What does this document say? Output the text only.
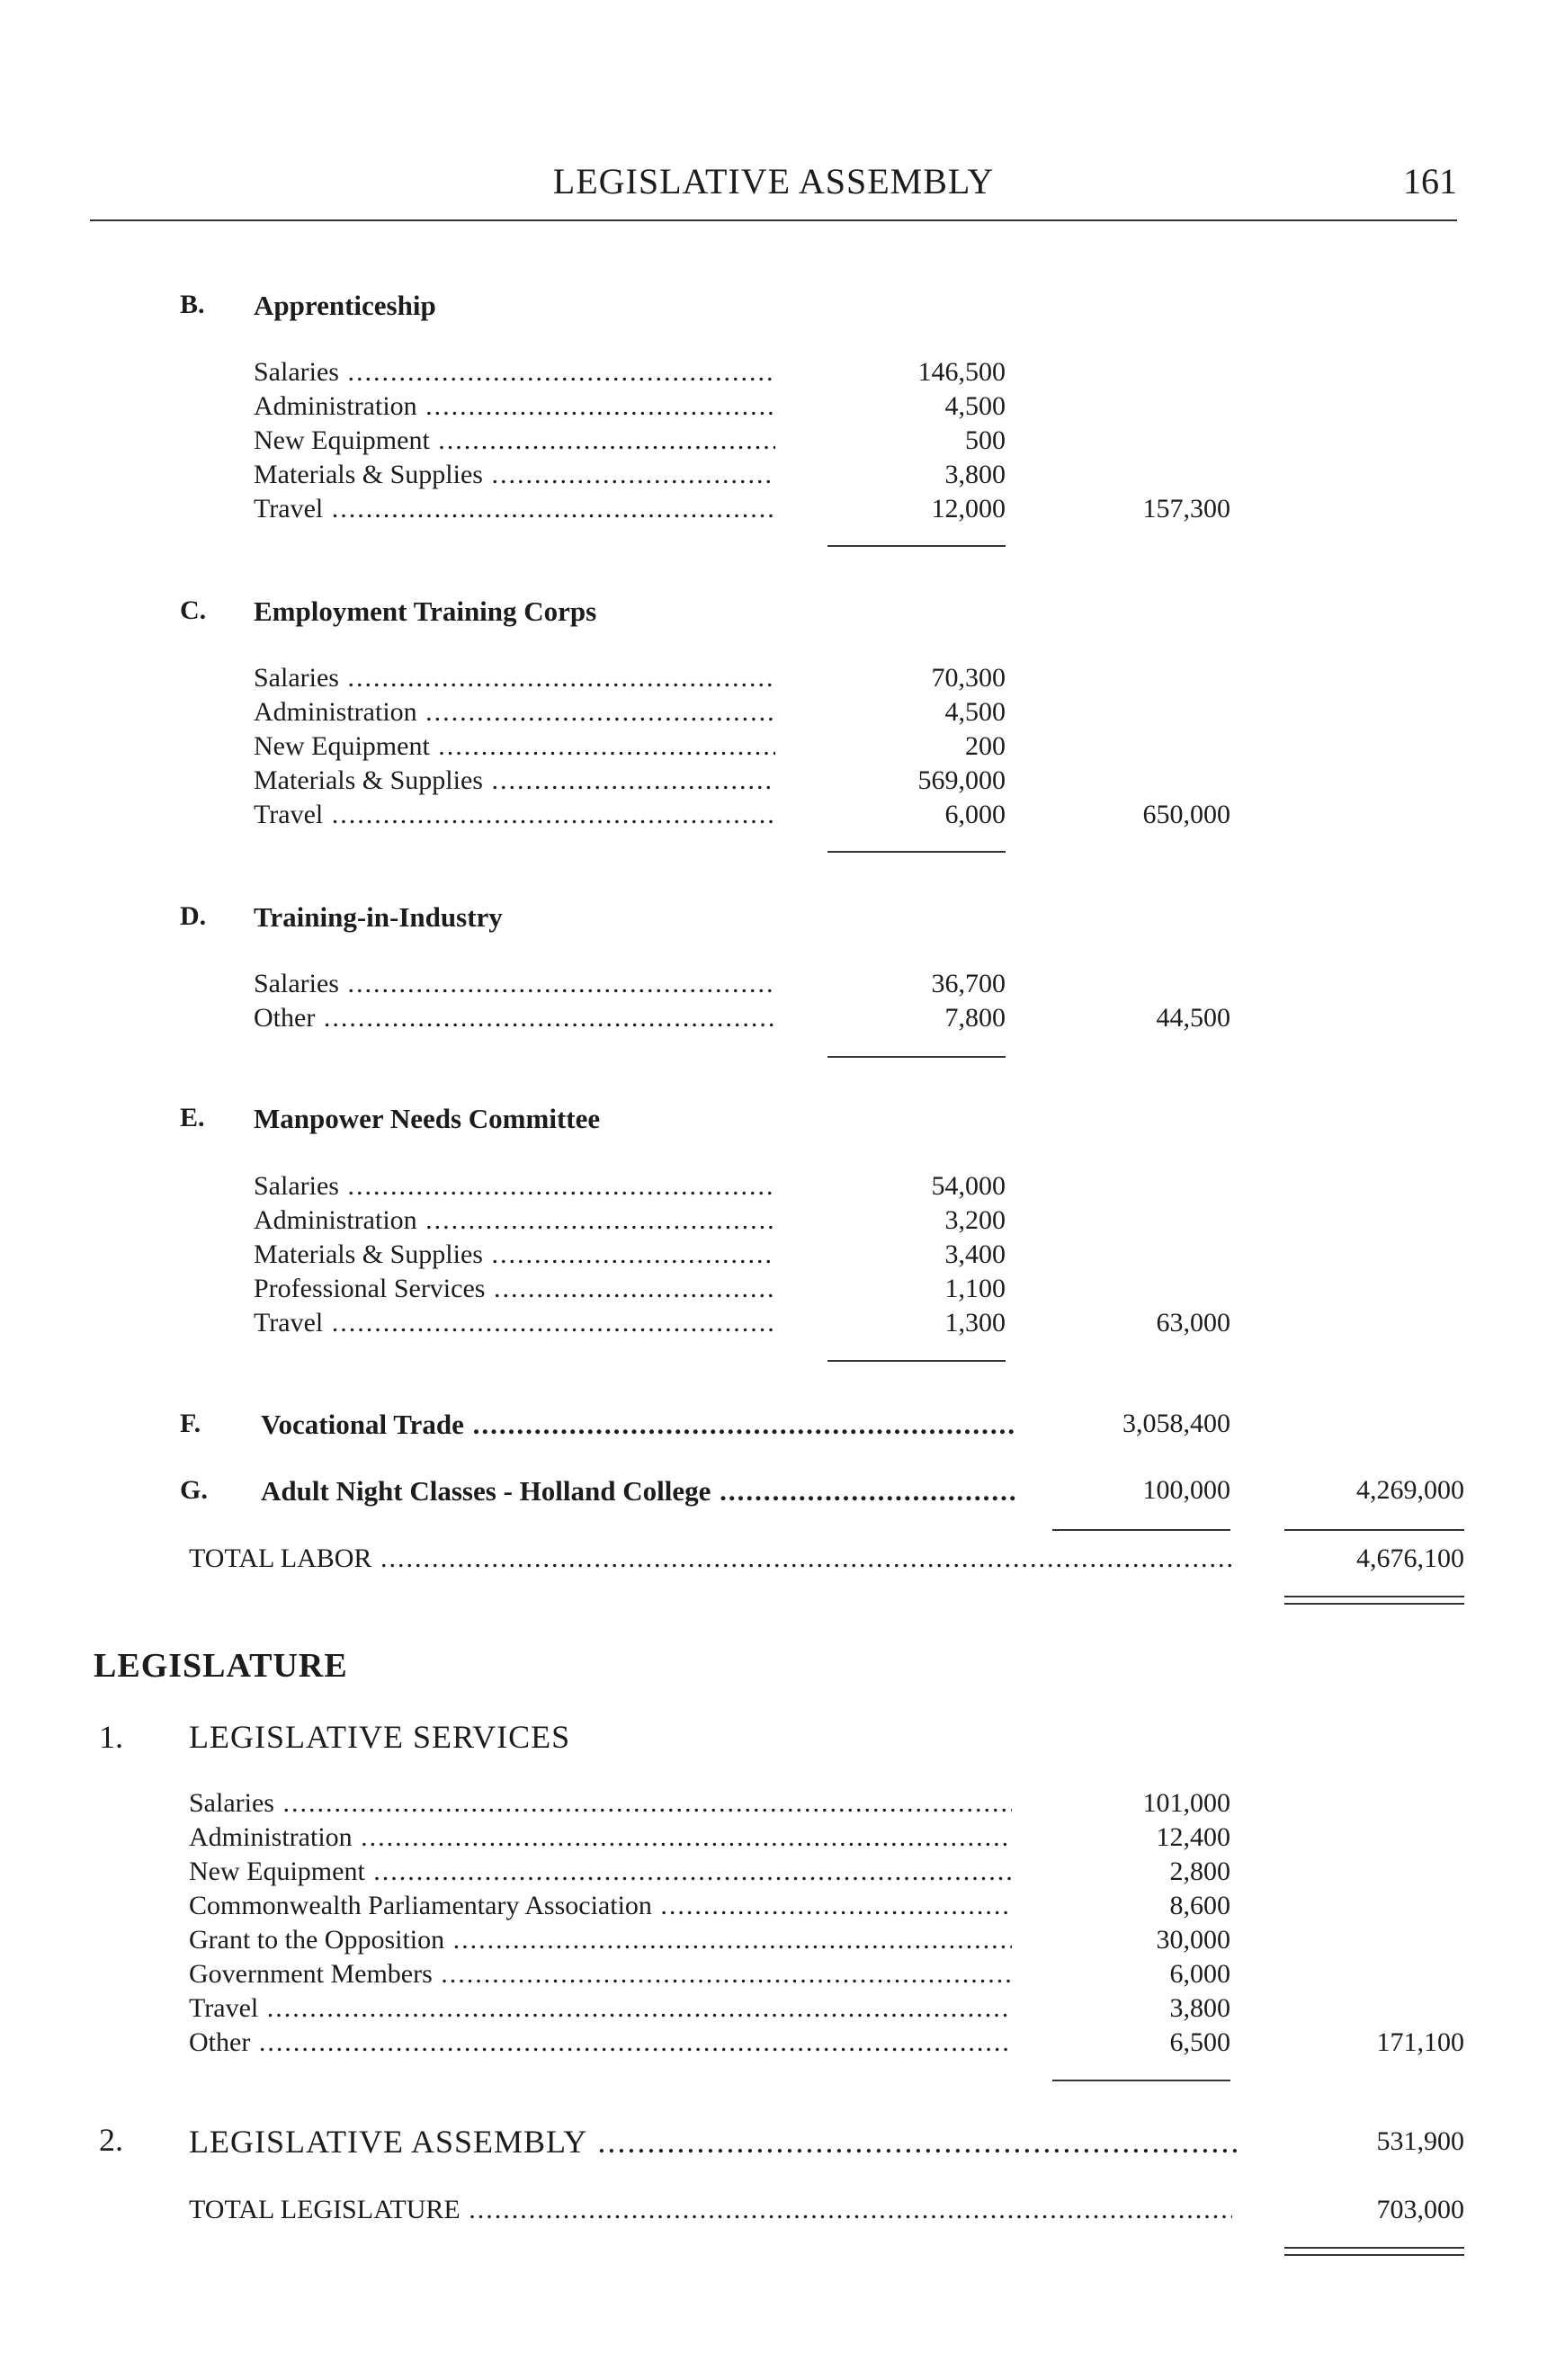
LEGISLATIVE ASSEMBLY	161
B. Apprenticeship
Salaries .....	146,500
Administration .....	4,500
New Equipment .....	500
Materials & Supplies .....	3,800
Travel .....	12,000	157,300
C. Employment Training Corps
Salaries .....	70,300
Administration .....	4,500
New Equipment .....	200
Materials & Supplies .....	569,000
Travel .....	6,000	650,000
D. Training-in-Industry
Salaries .....	36,700
Other .....	7,800	44,500
E. Manpower Needs Committee
Salaries .....	54,000
Administration .....	3,200
Materials & Supplies .....	3,400
Professional Services .....	1,100
Travel .....	1,300	63,000
F. Vocational Trade .....	3,058,400
G. Adult Night Classes - Holland College .....	100,000	4,269,000
TOTAL LABOR .....	4,676,100
LEGISLATURE
1. LEGISLATIVE SERVICES
Salaries .....	101,000
Administration .....	12,400
New Equipment .....	2,800
Commonwealth Parliamentary Association .....	8,600
Grant to the Opposition .....	30,000
Government Members .....	6,000
Travel .....	3,800
Other .....	6,500	171,100
2. LEGISLATIVE ASSEMBLY .....	531,900
TOTAL LEGISLATURE .....	703,000
